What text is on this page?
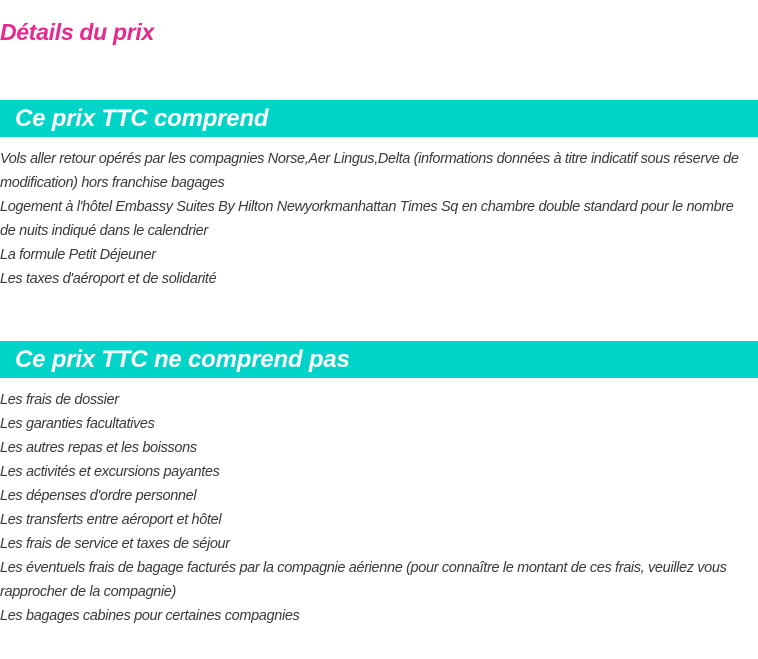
Détails du prix
Ce prix TTC comprend
Vols aller retour opérés par les compagnies Norse,Aer Lingus,Delta (informations données à titre indicatif sous réserve de modification) hors franchise bagages
Logement à l'hôtel Embassy Suites By Hilton Newyorkmanhattan Times Sq en chambre double standard pour le nombre de nuits indiqué dans le calendrier
La formule Petit Déjeuner
Les taxes d'aéroport et de solidarité
Ce prix TTC ne comprend pas
Les frais de dossier
Les garanties facultatives
Les autres repas et les boissons
Les activités et excursions payantes
Les dépenses d'ordre personnel
Les transferts entre aéroport et hôtel
Les frais de service et taxes de séjour
Les éventuels frais de bagage facturés par la compagnie aérienne (pour connaître le montant de ces frais, veuillez vous rapprocher de la compagnie)
Les bagages cabines pour certaines compagnies
